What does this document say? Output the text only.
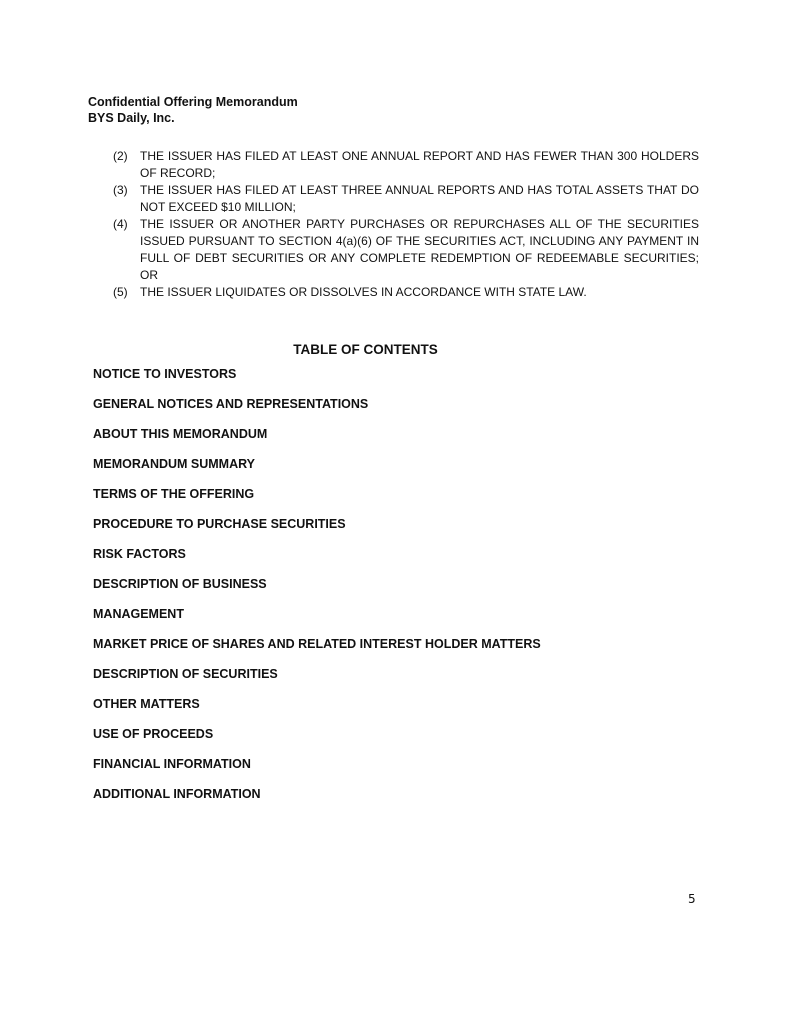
Confidential Offering Memorandum
BYS Daily, Inc.
(2)	THE ISSUER HAS FILED AT LEAST ONE ANNUAL REPORT AND HAS FEWER THAN 300 HOLDERS OF RECORD;
(3)	THE ISSUER HAS FILED AT LEAST THREE ANNUAL REPORTS AND HAS TOTAL ASSETS THAT DO NOT EXCEED $10 MILLION;
(4)	THE ISSUER OR ANOTHER PARTY PURCHASES OR REPURCHASES ALL OF THE SECURITIES ISSUED PURSUANT TO SECTION 4(a)(6) OF THE SECURITIES ACT, INCLUDING ANY PAYMENT IN FULL OF DEBT SECURITIES OR ANY COMPLETE REDEMPTION OF REDEEMABLE SECURITIES; OR
(5)	THE ISSUER LIQUIDATES OR DISSOLVES IN ACCORDANCE WITH STATE LAW.
TABLE OF CONTENTS
NOTICE TO INVESTORS
GENERAL NOTICES AND REPRESENTATIONS
ABOUT THIS MEMORANDUM
MEMORANDUM SUMMARY
TERMS OF THE OFFERING
PROCEDURE TO PURCHASE SECURITIES
RISK FACTORS
DESCRIPTION OF BUSINESS
MANAGEMENT
MARKET PRICE OF SHARES AND RELATED INTEREST HOLDER MATTERS
DESCRIPTION OF SECURITIES
OTHER MATTERS
USE OF PROCEEDS
FINANCIAL INFORMATION
ADDITIONAL INFORMATION
5
